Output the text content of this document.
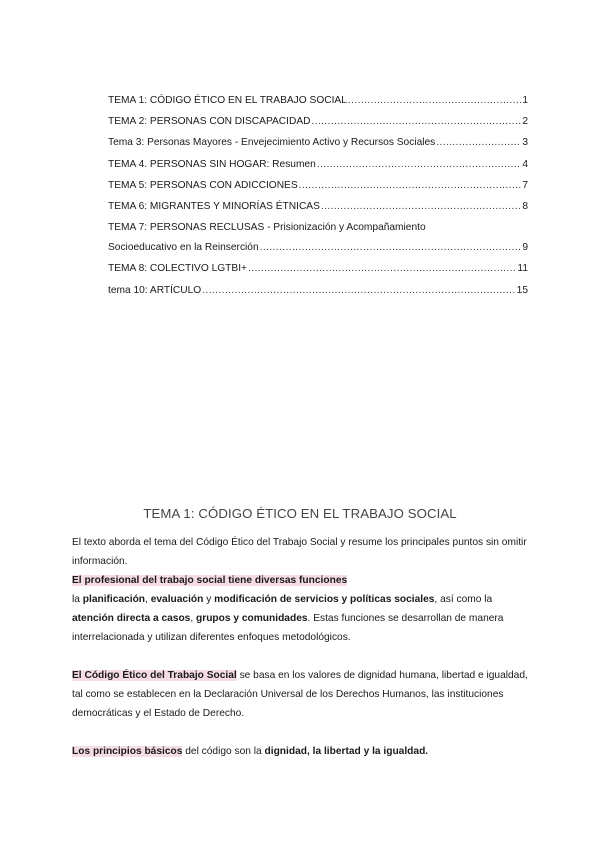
TEMA 1: CÓDIGO ÉTICO EN EL TRABAJO SOCIAL .....	1
TEMA 2: PERSONAS CON DISCAPACIDAD .....	2
Tema 3: Personas Mayores - Envejecimiento Activo y Recursos Sociales .....	3
TEMA 4. PERSONAS SIN HOGAR: Resumen .....	4
TEMA 5: PERSONAS CON ADICCIONES .....	7
TEMA 6: MIGRANTES Y MINORÍAS ÉTNICAS .....	8
TEMA 7: PERSONAS RECLUSAS - Prisionización y Acompañamiento
Socioeducativo en la Reinserción .....	9
TEMA 8: COLECTIVO LGTBI+ .....	11
tema 10: ARTÍCULO .....	15
TEMA 1: CÓDIGO ÉTICO EN EL TRABAJO SOCIAL

El texto aborda el tema del Código Ético del Trabajo Social y resume los principales puntos sin omitir información.

El profesional del trabajo social tiene diversas funciones
la planificación, evaluación y modificación de servicios y políticas sociales, así como la atención directa a casos, grupos y comunidades. Estas funciones se desarrollan de manera interrelacionada y utilizan diferentes enfoques metodológicos.

El Código Ético del Trabajo Social se basa en los valores de dignidad humana, libertad e igualdad, tal como se establecen en la Declaración Universal de los Derechos Humanos, las instituciones democráticas y el Estado de Derecho.

Los principios básicos del código son la dignidad, la libertad y la igualdad.
